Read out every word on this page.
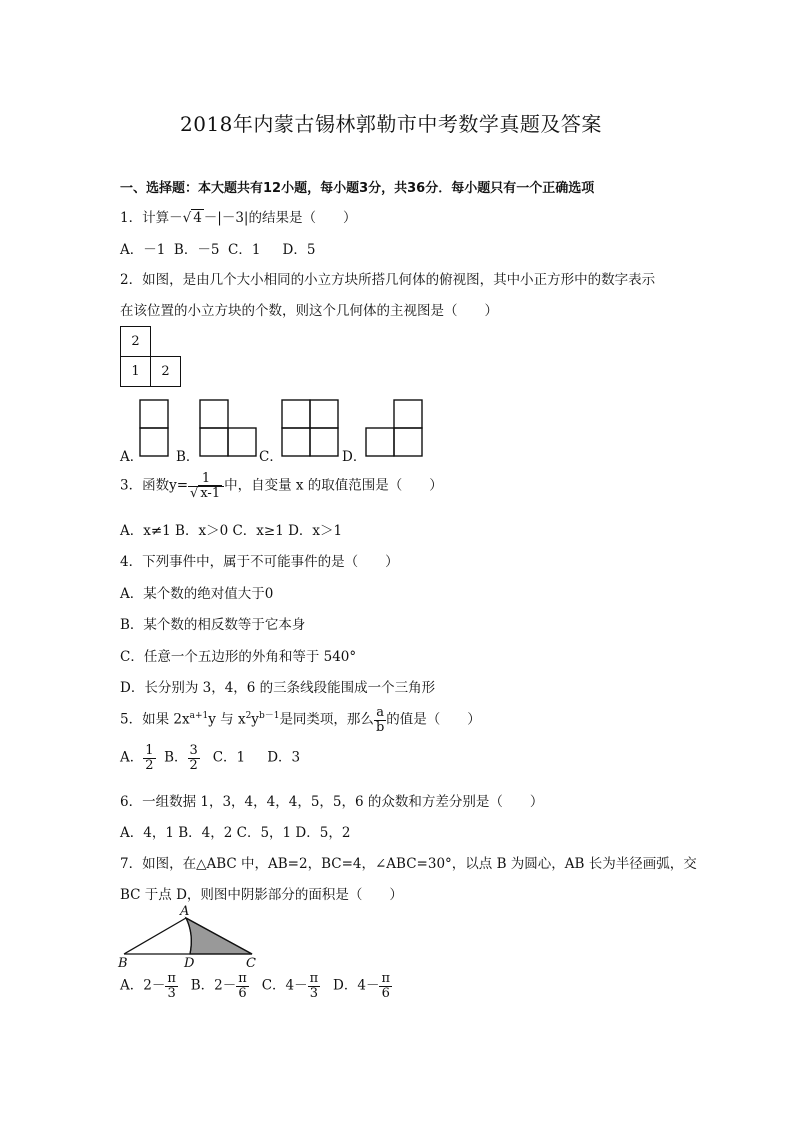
2018年内蒙古锡林郭勒市中考数学真题及答案
一、选择题：本大题共有12小题，每小题3分，共36分．每小题只有一个正确选项
1．计算－√ 4 －|－3|的结果是（　　）
A．－1  B．－5  C．1　  D．5
2．如图，是由几个大小相同的小立方块所搭几何体的俯视图，其中小正方形中的数字表示
在该位置的小立方块的个数，则这个几何体的主视图是（　　）
2	
1	2
A． B．	C．	D．
3．函数$y= \frac{1}{√ x-1}$ 中，自变量 x 的取值范围是（　　）
A．x≠1 B．x＞0 C．x≥1 D．x＞1
4．下列事件中，属于不可能事件的是（　　）
A．某个数的绝对值大于0
B．某个数的相反数等于它本身
C．任意一个五边形的外角和等于 540°
D．长分别为 3，4，6 的三条线段能围成一个三角形
5．如果 $2x^{a+1}y$ 与 $x^2y^{b-1}$是同类项，那么 $\frac{a}{b}$ 的值是（　　）
A． $\frac{1}{2}$ B． $\frac{3}{2}$ C．1　  D．3
6．一组数据 1，3，4，4，4，5，5，6 的众数和方差分别是（　　）
A．4，1 B．4，2 C．5，1 D．5，2
7．如图，在△ABC 中，AB=2，BC=4，∠ABC=30°，以点 B 为圆心，AB 长为半径画弧，交
BC 于点 D，则图中阴影部分的面积是（　　）
A
B	D	C
A．$2- \frac{\pi}{3}$ B．$2- \frac{\pi}{6}$ C．$4- \frac{\pi}{3}$ D．$4- \frac{\pi}{6}$
